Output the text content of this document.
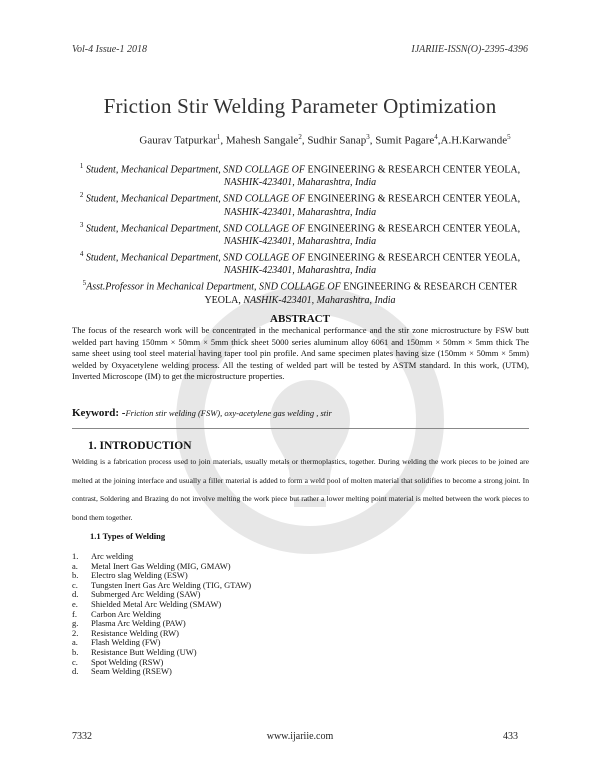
Vol-4 Issue-1 2018	IJARIIE-ISSN(O)-2395-4396
Friction Stir Welding Parameter Optimization
Gaurav Tatpurkar$^1$, Mahesh Sangale$^2$, Sudhir Sanap$^3$, Sumit Pagare$^4$,A.H.Karwande$^5$
$^1$ Student, Mechanical Department, SND COLLAGE OF ENGINEERING & RESEARCH CENTER YEOLA, NASHIK-423401, Maharashtra, India
$^2$ Student, Mechanical Department, SND COLLAGE OF ENGINEERING & RESEARCH CENTER YEOLA, NASHIK-423401, Maharashtra, India
$^3$ Student, Mechanical Department, SND COLLAGE OF ENGINEERING & RESEARCH CENTER YEOLA, NASHIK-423401, Maharashtra, India
$^4$ Student, Mechanical Department, SND COLLAGE OF ENGINEERING & RESEARCH CENTER YEOLA, NASHIK-423401, Maharashtra, India
$^5$Asst.Professor in Mechanical Department, SND COLLAGE OF ENGINEERING & RESEARCH CENTER YEOLA, NASHIK-423401, Maharashtra, India
ABSTRACT
The focus of the research work will be concentrated in the mechanical performance and the stir zone microstructure by FSW butt welded part having 150mm × 50mm × 5mm thick sheet 5000 series aluminum alloy 6061 and 150mm × 50mm × 5mm thick The same sheet using tool steel material having taper tool pin profile. And same specimen plates having size (150mm × 50mm × 5mm) welded by Oxyacetylene welding process. All the testing of welded part will be tested by ASTM standard. In this work, (UTM), Inverted Microscope (IM) to get the microstructure properties.
Keyword: -Friction stir welding (FSW), oxy-acetylene gas welding , stir
1. INTRODUCTION
Welding is a fabrication process used to join materials, usually metals or thermoplastics, together. During welding the work pieces to be joined are melted at the joining interface and usually a filler material is added to form a weld pool of molten material that solidifies to become a strong joint. In contrast, Soldering and Brazing do not involve melting the work piece but rather a lower melting point material is melted between the work pieces to bond them together.
1.1 Types of Welding
1.	Arc welding
a.	Metal Inert Gas Welding (MIG, GMAW)
b.	Electro slag Welding (ESW)
c.	Tungsten Inert Gas Arc Welding (TIG, GTAW)
d.	Submerged Arc Welding (SAW)
e.	Shielded Metal Arc Welding (SMAW)
f.	Carbon Arc Welding
g.	Plasma Arc Welding (PAW)
2.	Resistance Welding (RW)
a.	Flash Welding (FW)
b.	Resistance Butt Welding (UW)
c.	Spot Welding (RSW)
d.	Seam Welding (RSEW)
7332	www.ijariie.com	433
